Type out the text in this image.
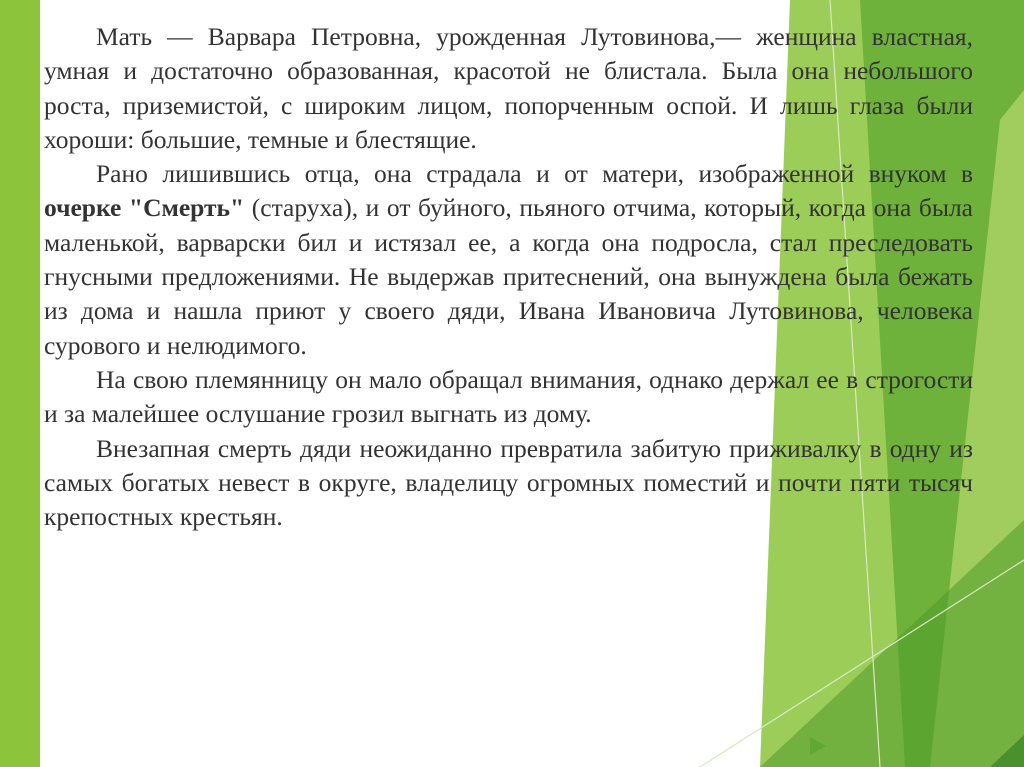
Мать — Варвара Петровна, урожденная Лутовинова,— женщина властная, умная и достаточно образованная, красотой не блистала. Была она небольшого роста, приземистой, с широким лицом, попорченным оспой. И лишь глаза были хороши: большие, темные и блестящие.

Рано лишившись отца, она страдала и от матери, изображенной внуком в очерке "Смерть" (старуха), и от буйного, пьяного отчима, который, когда она была маленькой, варварски бил и истязал ее, а когда она подросла, стал преследовать гнусными предложениями. Не выдержав притеснений, она вынуждена была бежать из дома и нашла приют у своего дяди, Ивана Ивановича Лутовинова, человека сурового и нелюдимого.

На свою племянницу он мало обращал внимания, однако держал ее в строгости и за малейшее ослушание грозил выгнать из дому.

Внезапная смерть дяди неожиданно превратила забитую приживалку в одну из самых богатых невест в округе, владелицу огромных поместий и почти пяти тысяч крепостных крестьян.
